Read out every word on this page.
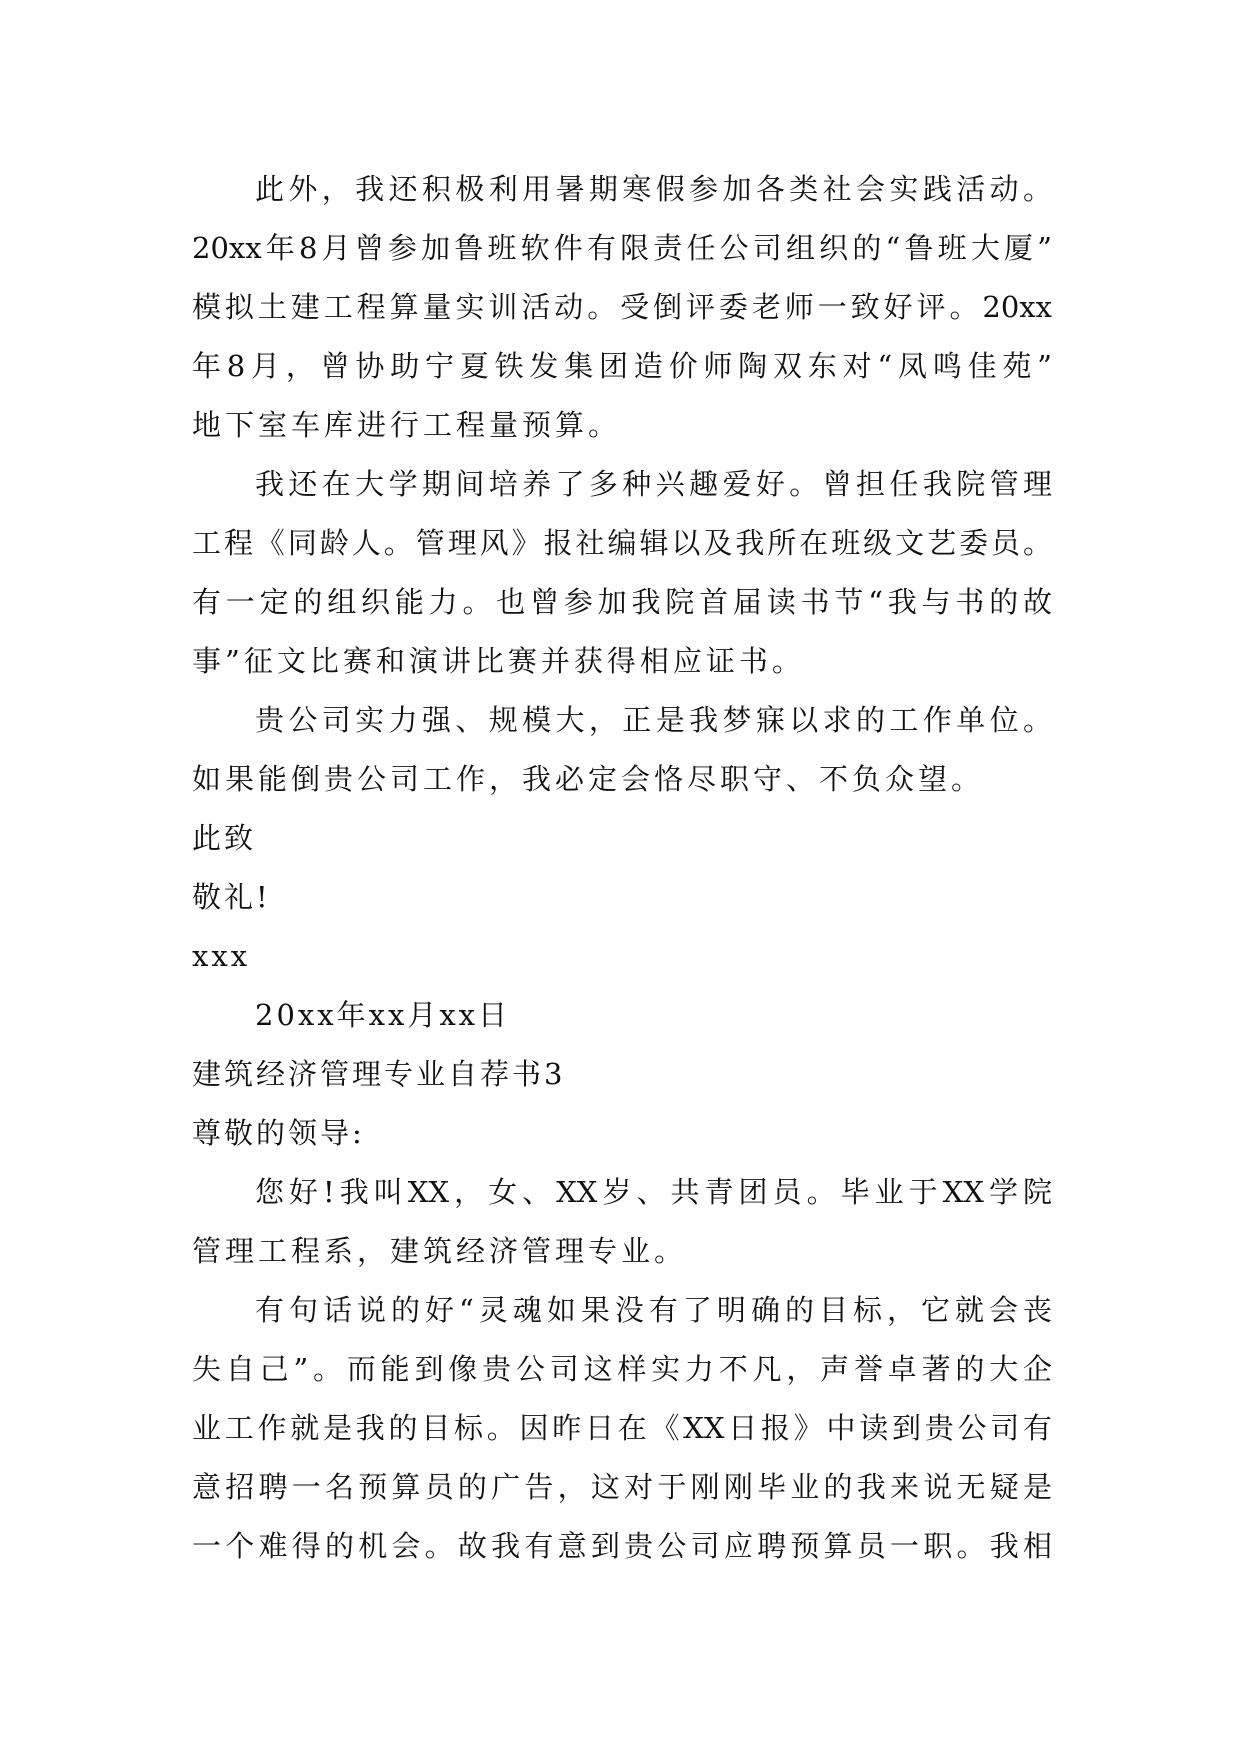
此外，我还积极利用暑期寒假参加各类社会实践活动。
20xx年8月曾参加鲁班软件有限责任公司组织的“鲁班大厦”
模拟土建工程算量实训活动。受倒评委老师一致好评。20xx
年8月，曾协助宁夏铁发集团造价师陶双东对“凤鸣佳苑”
地下室车库进行工程量预算。
我还在大学期间培养了多种兴趣爱好。曾担任我院管理
工程《同龄人。管理风》报社编辑以及我所在班级文艺委员。
有一定的组织能力。也曾参加我院首届读书节“我与书的故
事”征文比赛和演讲比赛并获得相应证书。
贵公司实力强、规模大，正是我梦寐以求的工作单位。
如果能倒贵公司工作，我必定会恪尽职守、不负众望。
此致
敬礼!
xxx
20xx年xx月xx日
建筑经济管理专业自荐书3
尊敬的领导:
您好!我叫XX，女、XX岁、共青团员。毕业于XX学院
管理工程系，建筑经济管理专业。
有句话说的好“灵魂如果没有了明确的目标，它就会丧
失自己”。而能到像贵公司这样实力不凡，声誉卓著的大企
业工作就是我的目标。因昨日在《XX日报》中读到贵公司有
意招聘一名预算员的广告，这对于刚刚毕业的我来说无疑是
一个难得的机会。故我有意到贵公司应聘预算员一职。我相
